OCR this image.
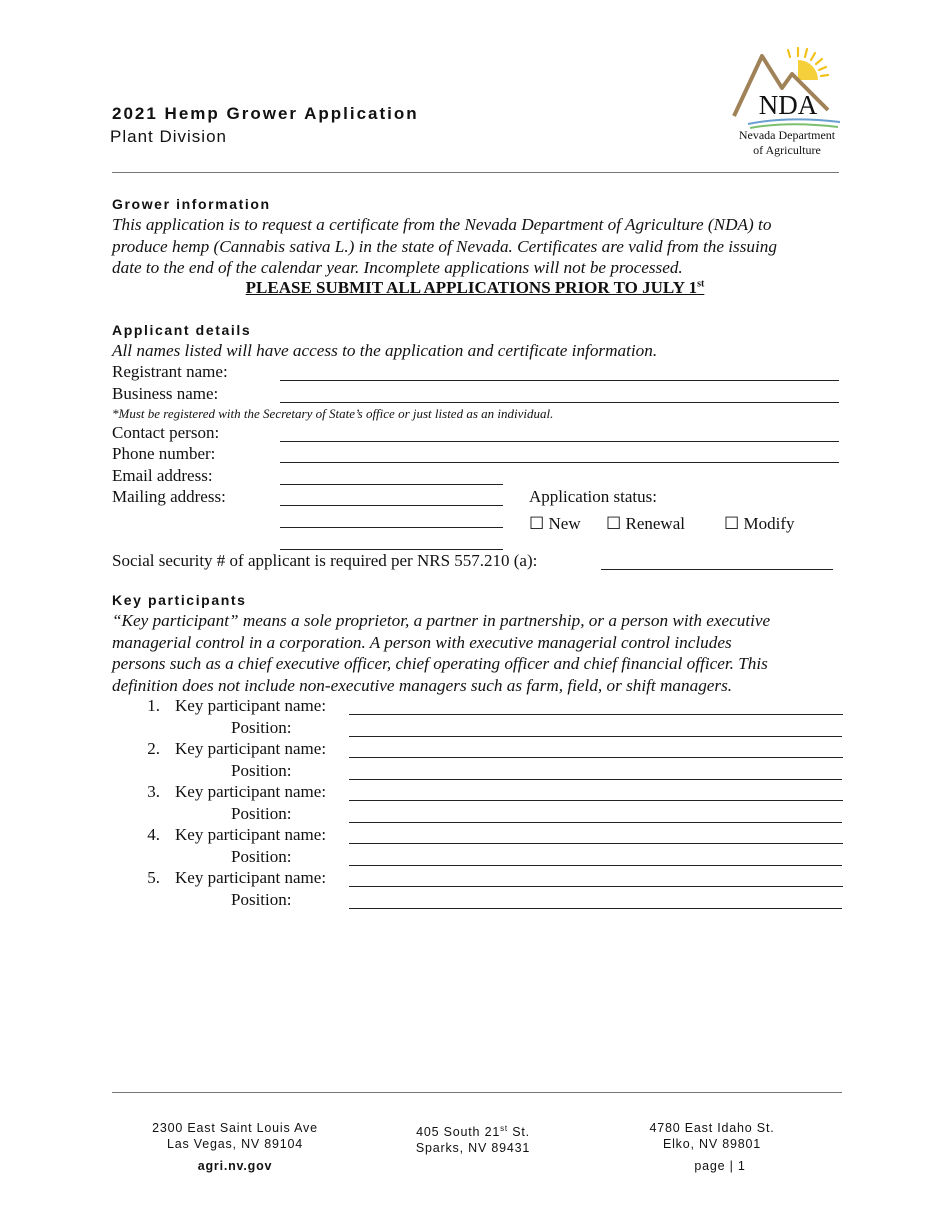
2021 Hemp Grower Application
Plant Division
NDA
Nevada Department
of Agriculture
Grower information
This application is to request a certificate from the Nevada Department of Agriculture (NDA) to
produce hemp (Cannabis sativa L.) in the state of Nevada. Certificates are valid from the issuing
date to the end of the calendar year. Incomplete applications will not be processed.
PLEASE SUBMIT ALL APPLICATIONS PRIOR TO JULY 1st
Applicant details
All names listed will have access to the application and certificate information.
Registrant name:
Business name:
*Must be registered with the Secretary of State’s office or just listed as an individual.
Contact person:
Phone number:
Email address:
Mailing address:	Application status:
☐ New ☐ Renewal ☐ Modify
Social security # of applicant is required per NRS 557.210 (a):
Key participants
“Key participant” means a sole proprietor, a partner in partnership, or a person with executive
managerial control in a corporation. A person with executive managerial control includes
persons such as a chief executive officer, chief operating officer and chief financial officer. This
definition does not include non-executive managers such as farm, field, or shift managers.
1. Key participant name:
Position:
2. Key participant name:
Position:
3. Key participant name:
Position:
4. Key participant name:
Position:
5. Key participant name:
Position:
2300 East Saint Louis Ave
Las Vegas, NV 89104
405 South 21st St.
Sparks, NV 89431
4780 East Idaho St.
Elko, NV 89801
agri.nv.gov	page | 1
